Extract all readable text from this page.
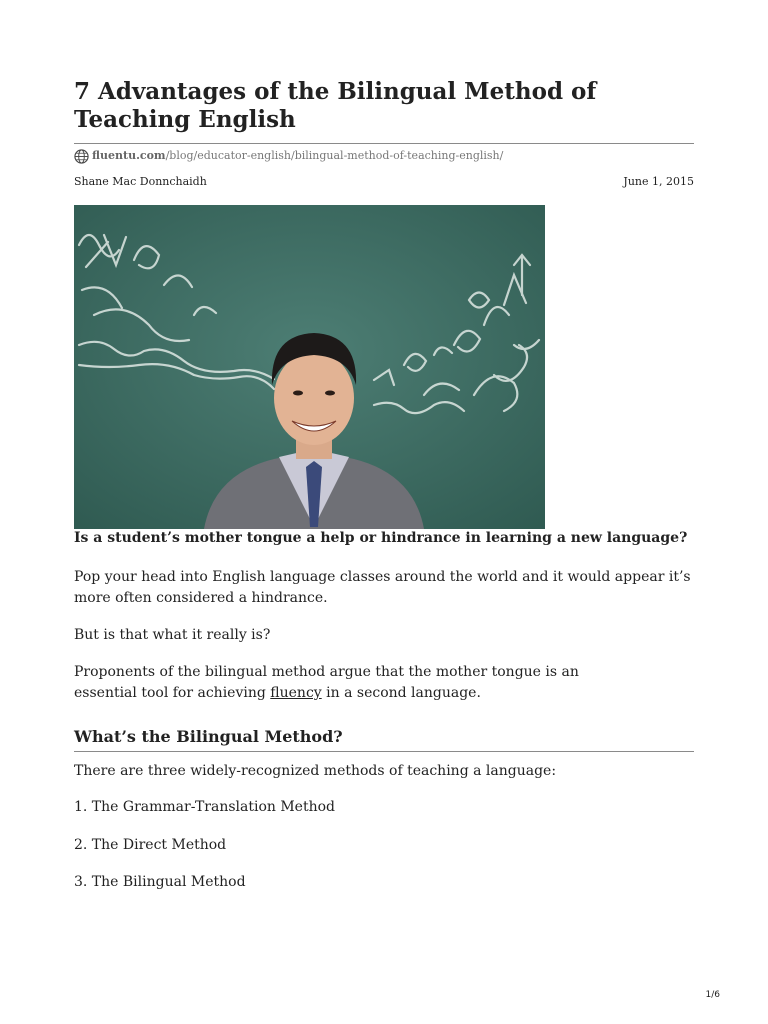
7 Advantages of the Bilingual Method of Teaching English
fluentu.com /blog/educator-english/bilingual-method-of-teaching-english/
Shane Mac Donnchaidh	June 1, 2015

Is a student’s mother tongue a help or hindrance in learning a new language?

Pop your head into English language classes around the world and it would appear it’s more often considered a hindrance.

But is that what it really is?

Proponents of the bilingual method argue that the mother tongue is an essential tool for achieving fluency in a second language.

What’s the Bilingual Method?

There are three widely-recognized methods of teaching a language:

1. The Grammar-Translation Method

2. The Direct Method

3. The Bilingual Method

1/6
